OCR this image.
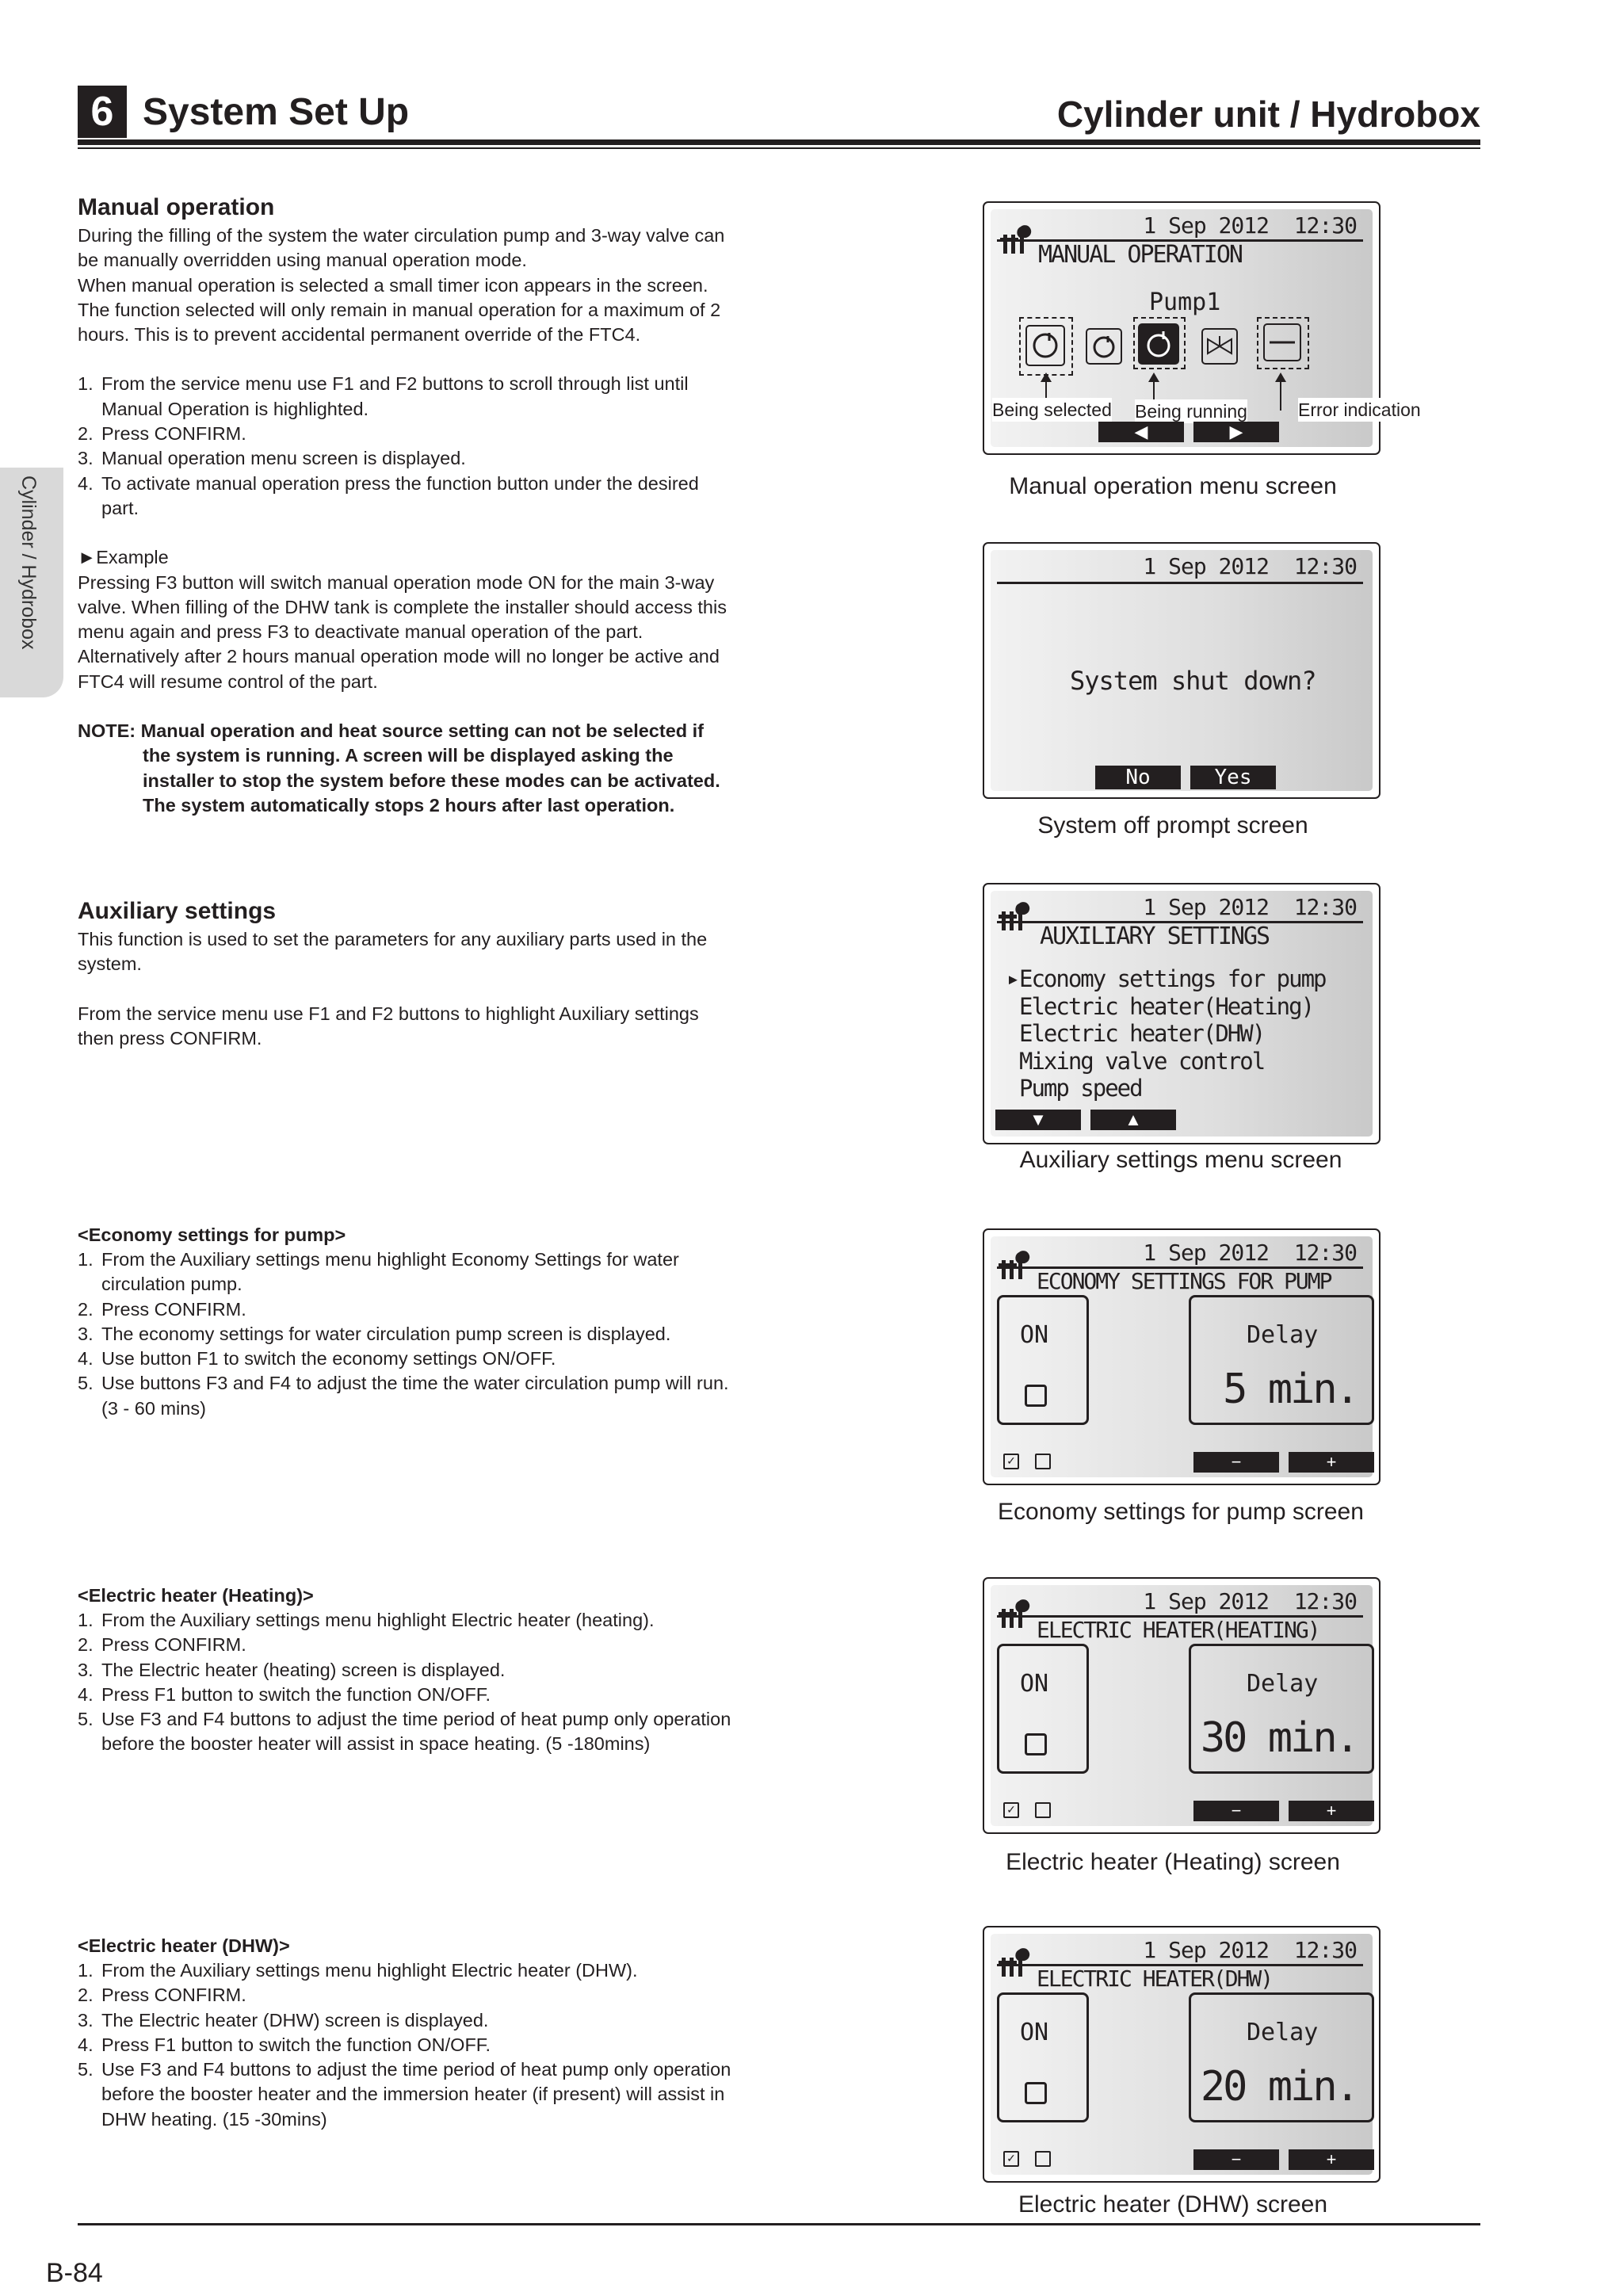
6 System Set Up	Cylinder unit / Hydrobox
Cylinder / Hydrobox
Manual operation

During the filling of the system the water circulation pump and 3-way valve can

be manually overridden using manual operation mode.

When manual operation is selected a small timer icon appears in the screen.

The function selected will only remain in manual operation for a maximum of 2

hours. This is to prevent accidental permanent override of the FTC4.

1. From the service menu use F1 and F2 buttons to scroll through list until
Manual Operation is highlighted.
2. Press CONFIRM.
3. Manual operation menu screen is displayed.
4. To activate manual operation press the function button under the desired
part.

►Example

Pressing F3 button will switch manual operation mode ON for the main 3-way

valve. When filling of the DHW tank is complete the installer should access this

menu again and press F3 to deactivate manual operation of the part.

Alternatively after 2 hours manual operation mode will no longer be active and

FTC4 will resume control of the part.

NOTE: Manual operation and heat source setting can not be selected if

the system is running. A screen will be displayed asking the

installer to stop the system before these modes can be activated.

The system automatically stops 2 hours after last operation.

Auxiliary settings

This function is used to set the parameters for any auxiliary parts used in the

system.

From the service menu use F1 and F2 buttons to highlight Auxiliary settings

then press CONFIRM.

<Economy settings for pump>
1. From the Auxiliary settings menu highlight Economy Settings for water
circulation pump.
2. Press CONFIRM.
3. The economy settings for water circulation pump screen is displayed.
4. Use button F1 to switch the economy settings ON/OFF.
5. Use buttons F3 and F4 to adjust the time the water circulation pump will run.
(3 - 60 mins)
<Electric heater (Heating)>
1. From the Auxiliary settings menu highlight Electric heater (heating).
2. Press CONFIRM.
3. The Electric heater (heating) screen is displayed.
4. Press F1 button to switch the function ON/OFF.
5. Use F3 and F4 buttons to adjust the time period of heat pump only operation
before the booster heater will assist in space heating. (5 -180mins)
<Electric heater (DHW)>
1. From the Auxiliary settings menu highlight Electric heater (DHW).
2. Press CONFIRM.
3. The Electric heater (DHW) screen is displayed.
4. Press F1 button to switch the function ON/OFF.
5. Use F3 and F4 buttons to adjust the time period of heat pump only operation
before the booster heater and the immersion heater (if present) will assist in
DHW heating. (15 -30mins)
1 Sep 2012 12:30
MANUAL OPERATION
Pump1
Being selected Being running	Error indication
◀	▶
Manual operation menu screen
1 Sep 2012 12:30
System shut down?
No	Yes
System off prompt screen
1 Sep 2012 12:30
AUXILIARY SETTINGS
▸ Economy settings for pump
Electric heater(Heating)
Electric heater(DHW)
Mixing valve control
Pump speed
▼	▲
Auxiliary settings menu screen
1 Sep 2012 12:30
ECONOMY SETTINGS FOR PUMP
ON	Delay
5 min.
✓	−	+
Economy settings for pump screen
1 Sep 2012 12:30
ELECTRIC HEATER(HEATING)
ON	Delay
30 min.
✓	−	+
Electric heater (Heating) screen
1 Sep 2012 12:30
ELECTRIC HEATER(DHW)
ON	Delay
20 min.
✓	−	+
Electric heater (DHW) screen
B-84
